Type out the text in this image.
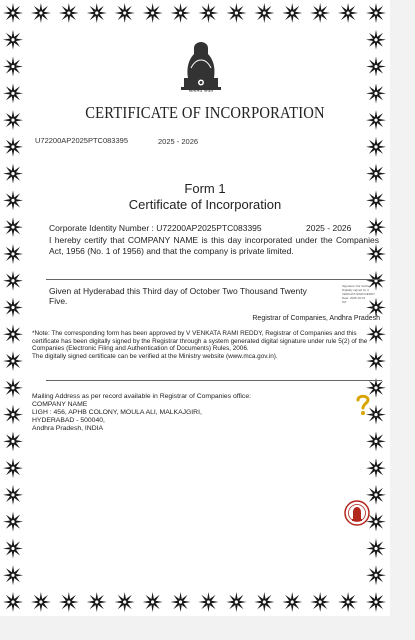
सत्यमेव जयते
CERTIFICATE OF INCORPORATION
U72200AP2025PTC083395	2025 - 2026
Form 1
Certificate of Incorporation
Corporate Identity Number : U72200AP2025PTC083395	2025 - 2026
I hereby certify that COMPANY NAME is this day incorporated under the Companies Act, 1956 (No. 1 of 1956) and that the company is private limited.
Given at Hyderabad this Third day of October Two Thousand Twenty Five.
Signature Not Verified
Digitally signed by V
VENKATA RAMI REDDY
Date: 2025.10.03
IST
Registrar of Companies, Andhra Pradesh
*Note: The corresponding form has been approved by V VENKATA RAMI REDDY, Registrar of Companies and this certificate has been digitally signed by the Registrar through a system generated digital signature under rule 5(2) of the Companies (Electronic Filing and Authentication of Documents) Rules, 2006.
The digitally signed certificate can be verified at the Ministry website (www.mca.gov.in).
Mailing Address as per record available in Registrar of Companies office:
COMPANY NAME
LIGH : 456, APHB COLONY, MOULA ALI, MALKAJGIRI,
HYDERABAD - 500040,
Andhra Pradesh, INDIA
